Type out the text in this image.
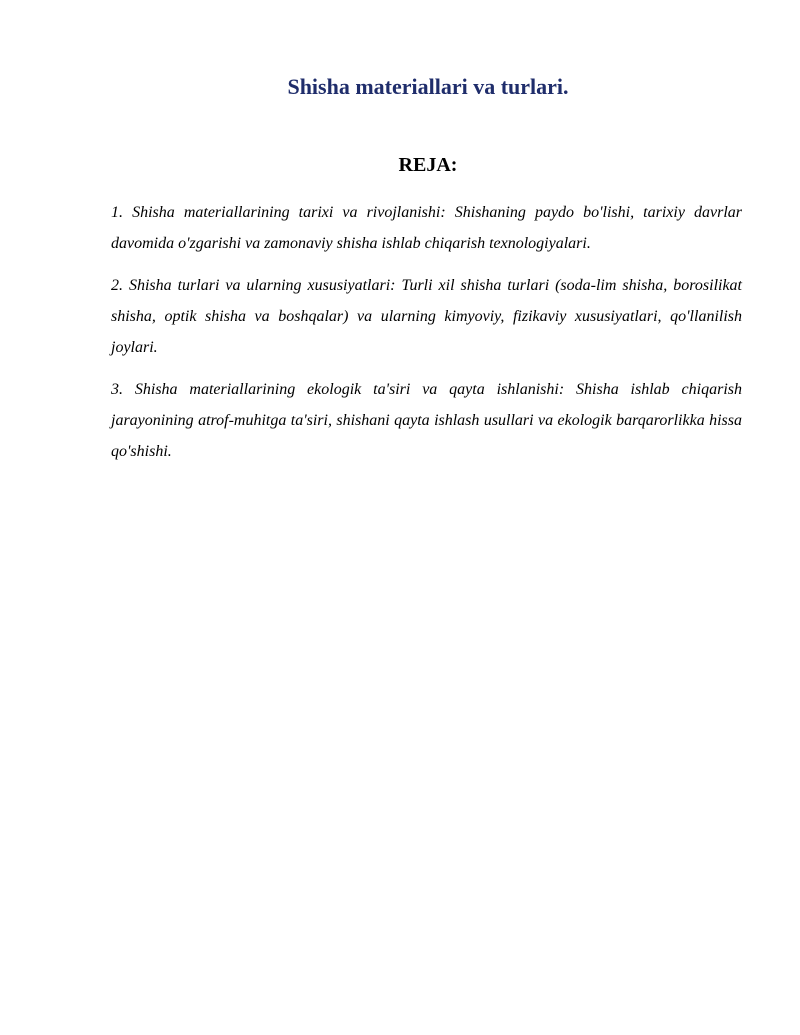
Shisha materiallari va turlari.
REJA:

1. Shisha materiallarining tarixi va rivojlanishi: Shishaning paydo bo'lishi, tarixiy davrlar davomida o'zgarishi va zamonaviy shisha ishlab chiqarish texnologiyalari.

2. Shisha turlari va ularning xususiyatlari: Turli xil shisha turlari (soda-lim shisha, borosilikat shisha, optik shisha va boshqalar) va ularning kimyoviy, fizikaviy xususiyatlari, qo'llanilish joylari.

3. Shisha materiallarining ekologik ta'siri va qayta ishlanishi: Shisha ishlab chiqarish jarayonining atrof-muhitga ta'siri, shishani qayta ishlash usullari va ekologik barqarorlikka hissa qo'shishi.
